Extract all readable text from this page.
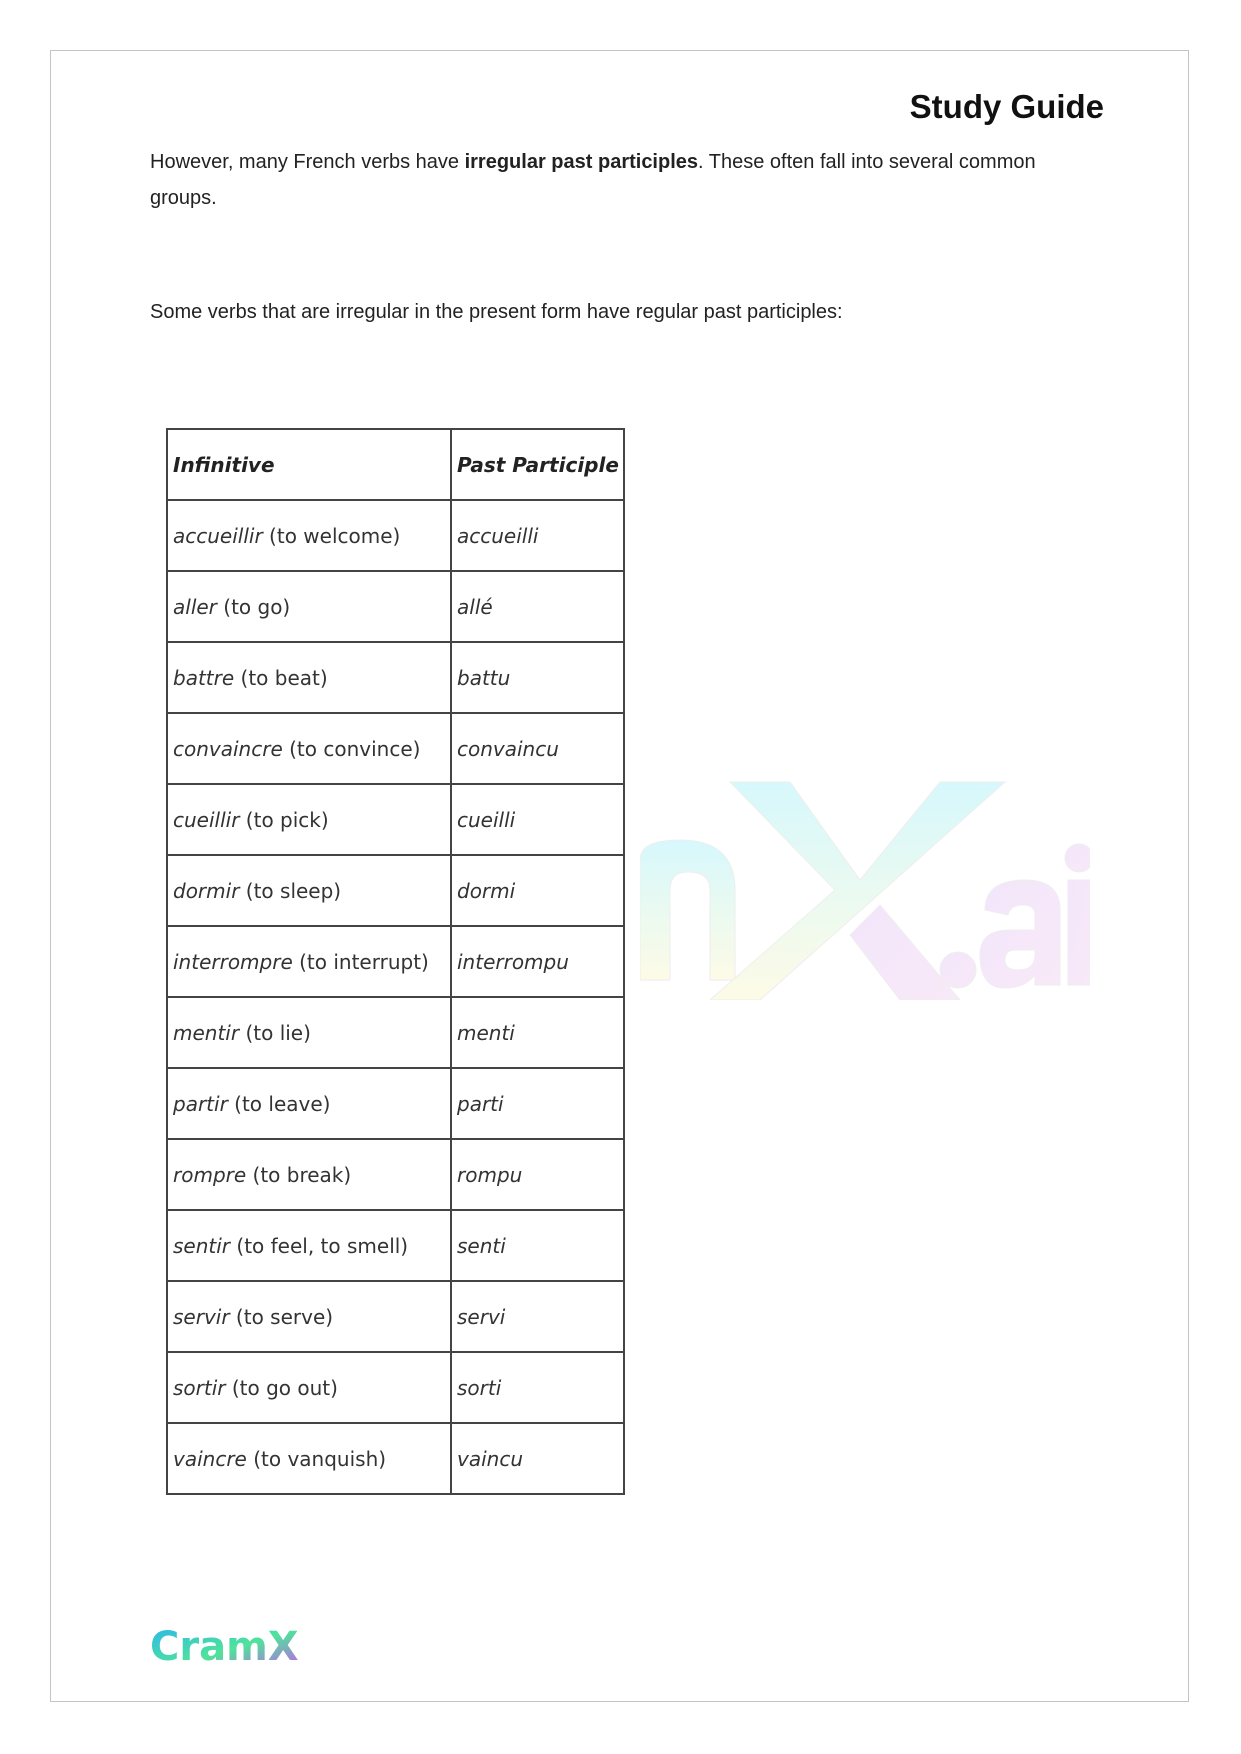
Study Guide

However, many French verbs have irregular past participles. These often fall into several common groups.

Some verbs that are irregular in the present form have regular past participles:

Infinitive	Past Participle
accueillir (to welcome)	accueilli
aller (to go)	allé
battre (to beat)	battu
convaincre (to convince)	convaincu
cueillir (to pick)	cueilli
dormir (to sleep)	dormi
interrompre (to interrupt)	interrompu
mentir (to lie)	menti
partir (to leave)	parti
rompre (to break)	rompu
sentir (to feel, to smell)	senti
servir (to serve)	servi
sortir (to go out)	sorti
vaincre (to vanquish)	vaincu
CramX
